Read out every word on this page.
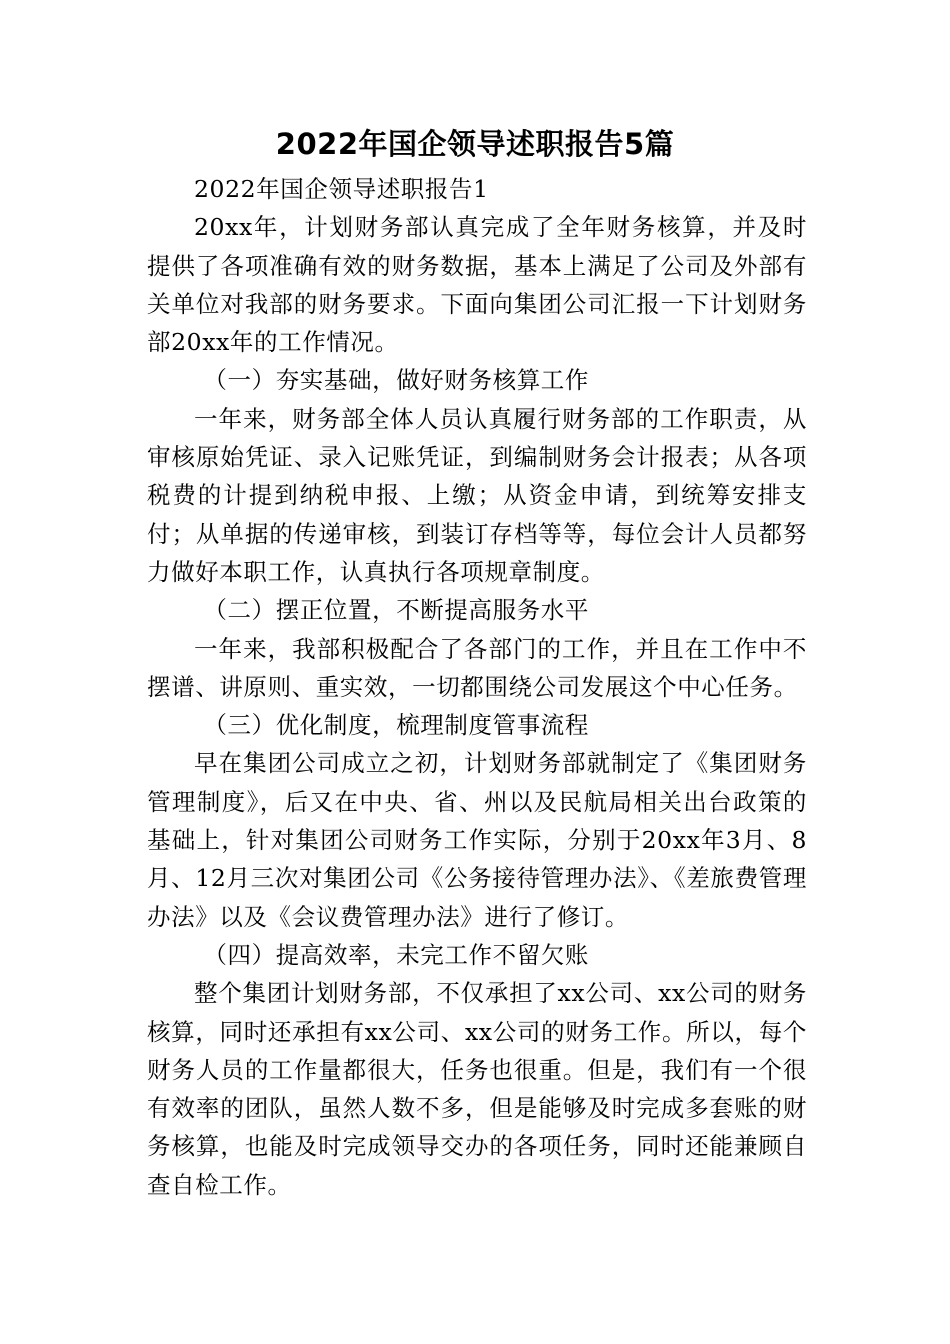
2022年国企领导述职报告5篇

2022年国企领导述职报告1

20xx年，计划财务部认真完成了全年财务核算，并及时提供了各项准确有效的财务数据，基本上满足了公司及外部有关单位对我部的财务要求。下面向集团公司汇报一下计划财务部20xx年的工作情况。

（一）夯实基础，做好财务核算工作

一年来，财务部全体人员认真履行财务部的工作职责，从审核原始凭证、录入记账凭证，到编制财务会计报表；从各项税费的计提到纳税申报、上缴；从资金申请，到统筹安排支付；从单据的传递审核，到装订存档等等，每位会计人员都努力做好本职工作，认真执行各项规章制度。

（二）摆正位置，不断提高服务水平

一年来，我部积极配合了各部门的工作，并且在工作中不摆谱、讲原则、重实效，一切都围绕公司发展这个中心任务。

（三）优化制度，梳理制度管事流程

早在集团公司成立之初，计划财务部就制定了《集团财务管理制度》，后又在中央、省、州以及民航局相关出台政策的基础上，针对集团公司财务工作实际，分别于20xx年3月、8月、12月三次对集团公司《公务接待管理办法》、《差旅费管理办法》以及《会议费管理办法》进行了修订。

（四）提高效率，未完工作不留欠账

整个集团计划财务部，不仅承担了xx公司、xx公司的财务核算，同时还承担有xx公司、xx公司的财务工作。所以，每个财务人员的工作量都很大，任务也很重。但是，我们有一个很有效率的团队，虽然人数不多，但是能够及时完成多套账的财务核算，也能及时完成领导交办的各项任务，同时还能兼顾自查自检工作。
